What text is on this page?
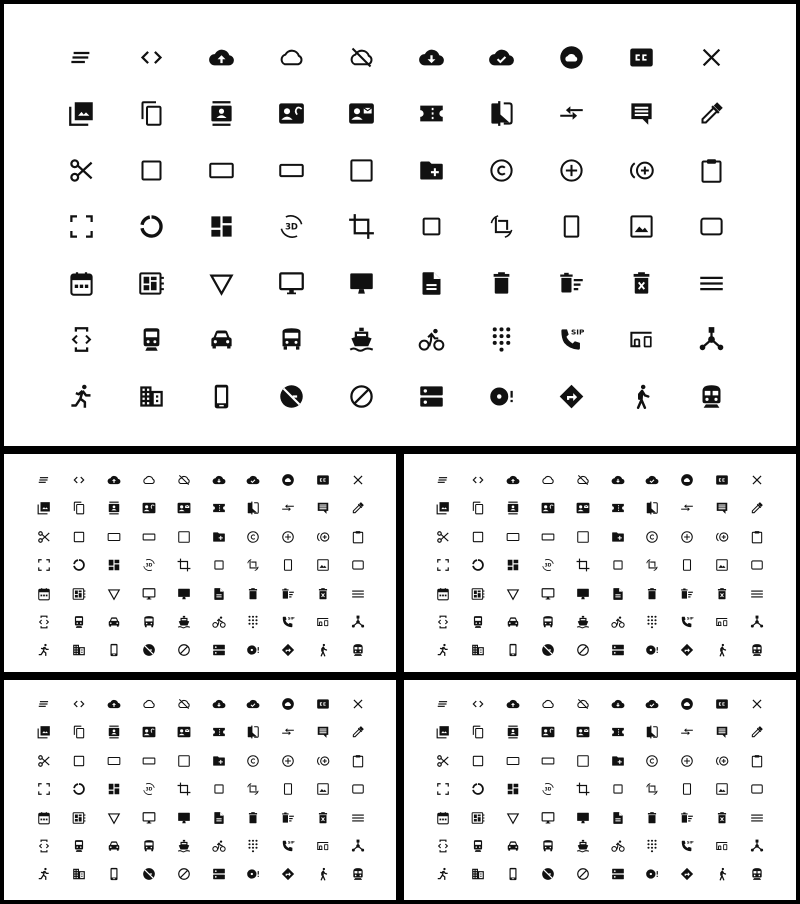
3D
SIP
3D
SIP
3D
SIP
3D
SIP
3D
SIP
